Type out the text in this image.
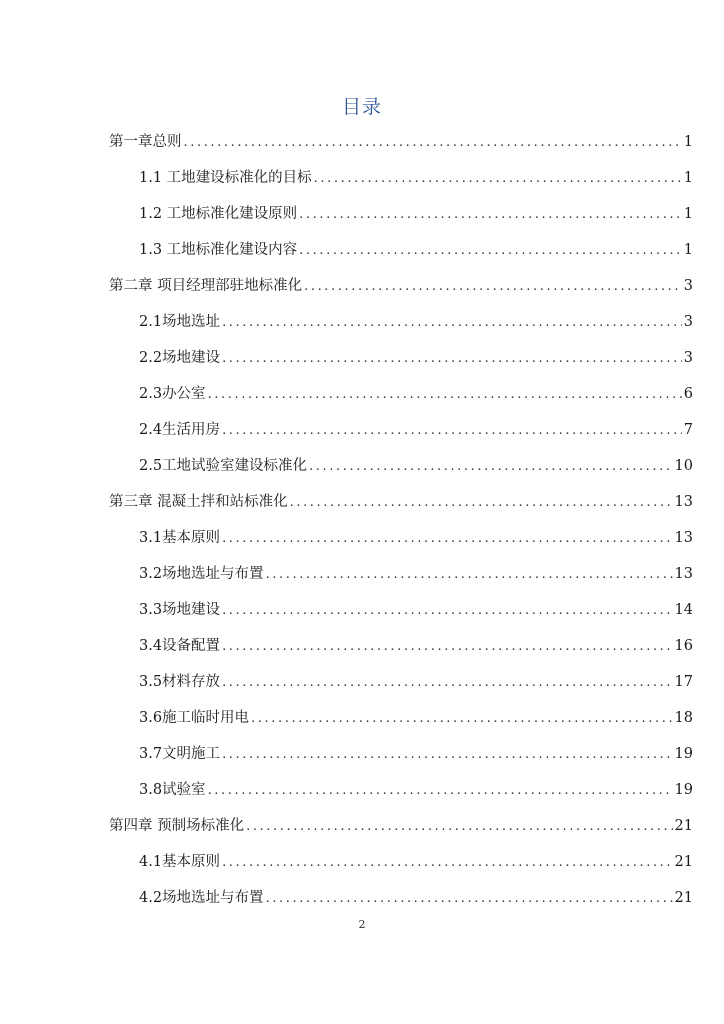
目录
第一章总则 .....	1
1.1 工地建设标准化的目标 .....	1
1.2 工地标准化建设原则 .....	1
1.3 工地标准化建设内容 .....	1
第二章 项目经理部驻地标准化 .....	3
2.1场地选址 .....	3
2.2场地建设 .....	3
2.3办公室 .....	6
2.4生活用房 .....	7
2.5工地试验室建设标准化 .....	10
第三章 混凝土拌和站标准化 .....	13
3.1基本原则 .....	13
3.2场地选址与布置 .....	13
3.3场地建设 .....	14
3.4设备配置 .....	16
3.5材料存放 .....	17
3.6施工临时用电 .....	18
3.7文明施工 .....	19
3.8试验室 .....	19
第四章 预制场标准化 .....	21
4.1基本原则 .....	21
4.2场地选址与布置 .....	21
2
